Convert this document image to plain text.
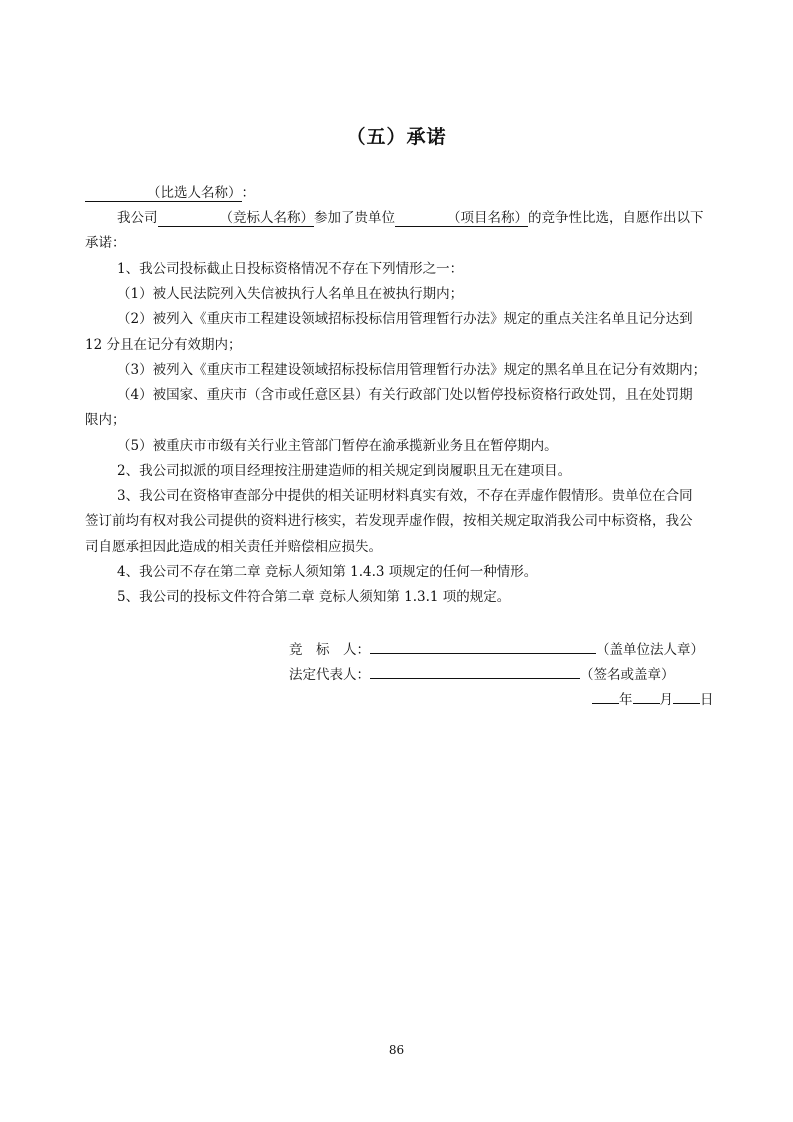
（五）承诺
（比选人名称）：
我公司	（竞标人名称）参加了贵单位	（项目名称）的竞争性比选，自愿作出以下
承诺：
1、我公司投标截止日投标资格情况不存在下列情形之一：
（1）被人民法院列入失信被执行人名单且在被执行期内；
（2）被列入《重庆市工程建设领域招标投标信用管理暂行办法》规定的重点关注名单且记分达到
12 分且在记分有效期内；
（3）被列入《重庆市工程建设领域招标投标信用管理暂行办法》规定的黑名单且在记分有效期内；
（4）被国家、重庆市（含市或任意区县）有关行政部门处以暂停投标资格行政处罚，且在处罚期
限内；
（5）被重庆市市级有关行业主管部门暂停在渝承揽新业务且在暂停期内。
2、我公司拟派的项目经理按注册建造师的相关规定到岗履职且无在建项目。
3、我公司在资格审查部分中提供的相关证明材料真实有效，不存在弄虚作假情形。贵单位在合同
签订前均有权对我公司提供的资料进行核实，若发现弄虚作假，按相关规定取消我公司中标资格，我公
司自愿承担因此造成的相关责任并赔偿相应损失。
4、我公司不存在第二章 竞标人须知第 1.4.3 项规定的任何一种情形。
5、我公司的投标文件符合第二章 竞标人须知第 1.3.1 项的规定。
竞　标　人：	（盖单位法人章）
法定代表人：	（签名或盖章）
年 月 日
86
